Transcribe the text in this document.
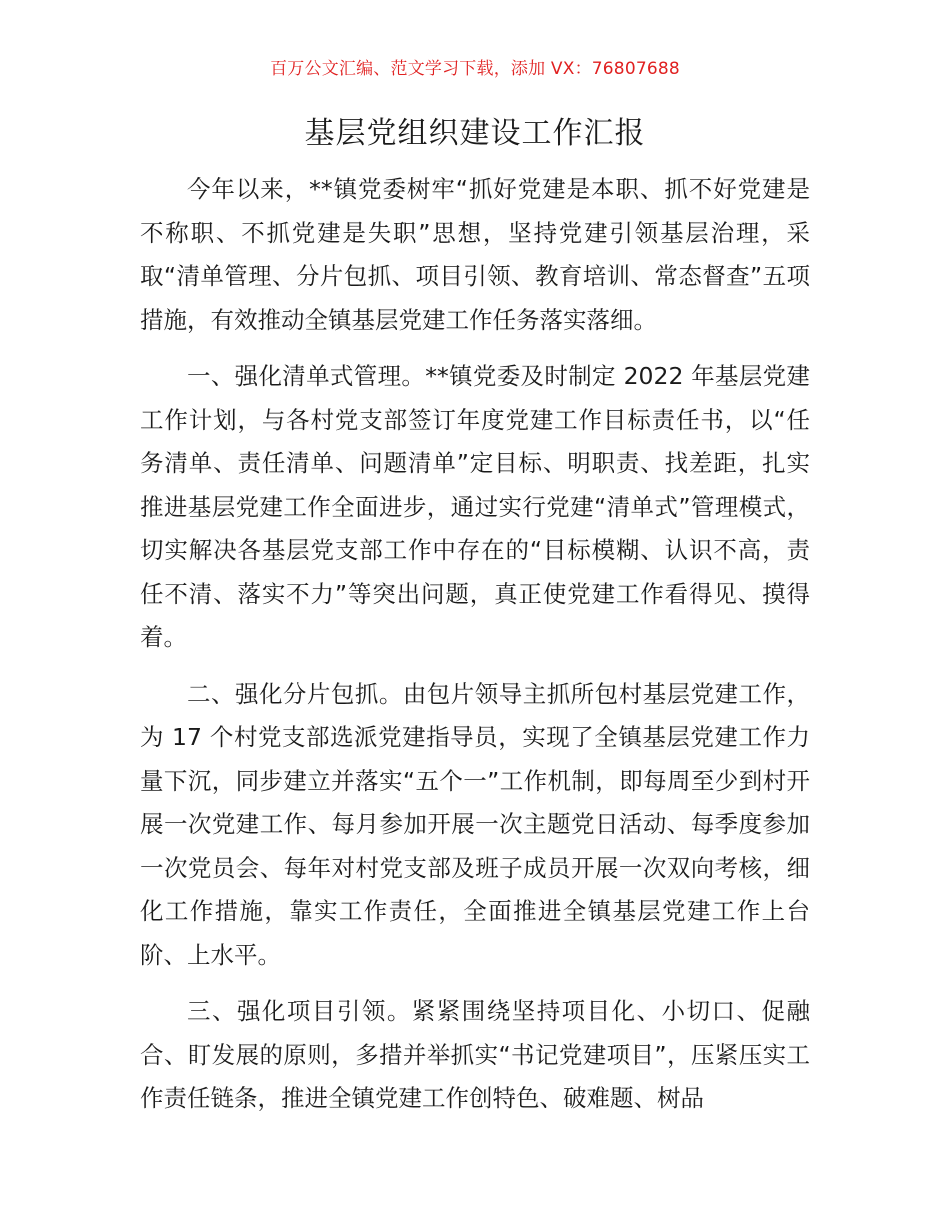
百万公文汇编、范文学习下载，添加 VX：76807688
基层党组织建设工作汇报

今年以来，**镇党委树牢“抓好党建是本职、抓不好党建是不称职、不抓党建是失职”思想，坚持党建引领基层治理，采取“清单管理、分片包抓、项目引领、教育培训、常态督查”五项措施，有效推动全镇基层党建工作任务落实落细。

一、强化清单式管理。**镇党委及时制定 2022 年基层党建工作计划，与各村党支部签订年度党建工作目标责任书，以“任务清单、责任清单、问题清单”定目标、明职责、找差距，扎实推进基层党建工作全面进步，通过实行党建“清单式”管理模式，切实解决各基层党支部工作中存在的“目标模糊、认识不高，责任不清、落实不力”等突出问题，真正使党建工作看得见、摸得着。

二、强化分片包抓。由包片领导主抓所包村基层党建工作，为 17 个村党支部选派党建指导员，实现了全镇基层党建工作力量下沉，同步建立并落实“五个一”工作机制，即每周至少到村开展一次党建工作、每月参加开展一次主题党日活动、每季度参加一次党员会、每年对村党支部及班子成员开展一次双向考核，细化工作措施，靠实工作责任，全面推进全镇基层党建工作上台阶、上水平。

三、强化项目引领。紧紧围绕坚持项目化、小切口、促融合、盯发展的原则，多措并举抓实“书记党建项目”，压紧压实工作责任链条，推进全镇党建工作创特色、破难题、树品
